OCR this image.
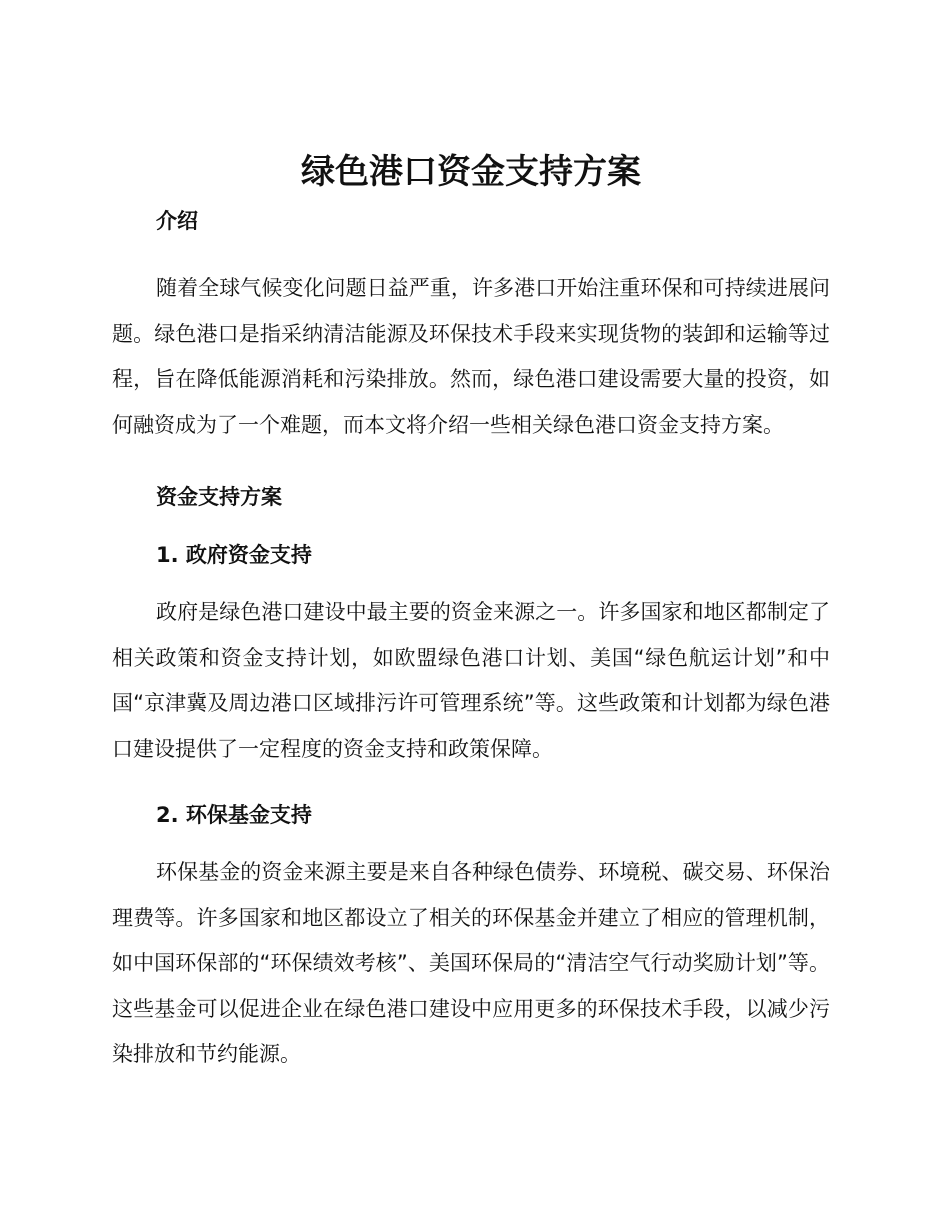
绿色港口资金支持方案
介绍

随着全球气候变化问题日益严重，许多港口开始注重环保和可持续进展问题。绿色港口是指采纳清洁能源及环保技术手段来实现货物的装卸和运输等过程，旨在降低能源消耗和污染排放。然而，绿色港口建设需要大量的投资，如何融资成为了一个难题，而本文将介绍一些相关绿色港口资金支持方案。

资金支持方案
1. 政府资金支持

政府是绿色港口建设中最主要的资金来源之一。许多国家和地区都制定了相关政策和资金支持计划，如欧盟绿色港口计划、美国“绿色航运计划”和中国“京津冀及周边港口区域排污许可管理系统”等。这些政策和计划都为绿色港口建设提供了一定程度的资金支持和政策保障。

2. 环保基金支持

环保基金的资金来源主要是来自各种绿色债券、环境税、碳交易、环保治理费等。许多国家和地区都设立了相关的环保基金并建立了相应的管理机制，如中国环保部的“环保绩效考核”、美国环保局的“清洁空气行动奖励计划”等。这些基金可以促进企业在绿色港口建设中应用更多的环保技术手段，以减少污染排放和节约能源。
